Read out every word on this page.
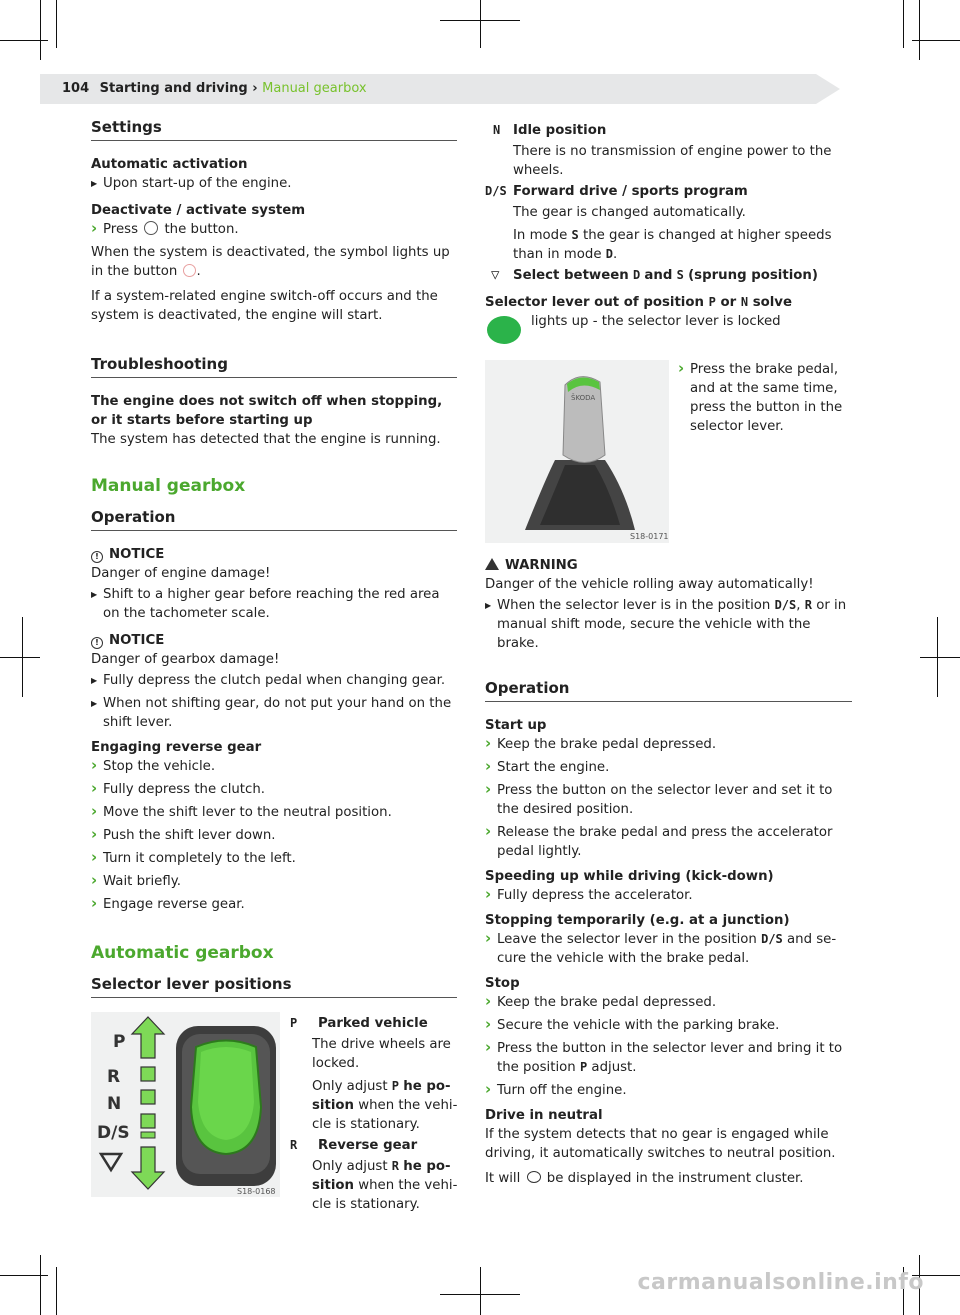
104 Starting and driving › Manual gearbox
Settings

Automatic activation

▶ Upon start-up of the engine.

Deactivate / activate system

› Press the button.

When the system is deactivated, the symbol lights up in the button .

If a system-related engine switch-off occurs and the system is deactivated, the engine will start.

Troubleshooting

The engine does not switch off when stopping, or it starts before starting up

The system has detected that the engine is running.

Manual gearbox
Operation
! NOTICE

Danger of engine damage!

▶ Shift to a higher gear before reaching the red area on the tachometer scale.
! NOTICE

Danger of gearbox damage!

▶ Fully depress the clutch pedal when changing gear.
▶ When not shifting gear, do not put your hand on the shift lever.

Engaging reverse gear

› Stop the vehicle.
› Fully depress the clutch.
› Move the shift lever to the neutral position.
› Push the shift lever down.
› Turn it completely to the left.
› Wait briefly.
› Engage reverse gear.
Automatic gearbox
Selector lever positions
P
R
N
D/S
S18-0168
P Parked vehicle

The drive wheels are locked.

Only adjust P he po-sition when the vehi-cle is stationary.

R Reverse gear

Only adjust R he po-sition when the vehi-cle is stationary.

N Idle position

There is no transmission of engine power to the wheels.

D/S Forward drive / sports program

The gear is changed automatically.

In mode S the gear is changed at higher speeds than in mode D.

▽ Select between D and S (sprung position)

Selector lever out of position P or N solve

lights up - the selector lever is locked
ŠKODA
S18-0171
› Press the brake pedal, and at the same time, press the button in the selector lever.
WARNING

Danger of the vehicle rolling away automatically!

▶ When the selector lever is in the position D/S, R or in manual shift mode, secure the vehicle with the brake.
Operation

Start up

› Keep the brake pedal depressed.
› Start the engine.
› Press the button on the selector lever and set it to the desired position.
› Release the brake pedal and press the accelerator pedal lightly.

Speeding up while driving (kick-down)

› Fully depress the accelerator.

Stopping temporarily (e.g. at a junction)

› Leave the selector lever in the position D/S and se-cure the vehicle with the brake pedal.

Stop

› Keep the brake pedal depressed.
› Secure the vehicle with the parking brake.
› Press the button in the selector lever and bring it to the position P adjust.
› Turn off the engine.

Drive in neutral

If the system detects that no gear is engaged while driving, it automatically switches to neutral position.

It will be displayed in the instrument cluster.

carmanualsonline.info
